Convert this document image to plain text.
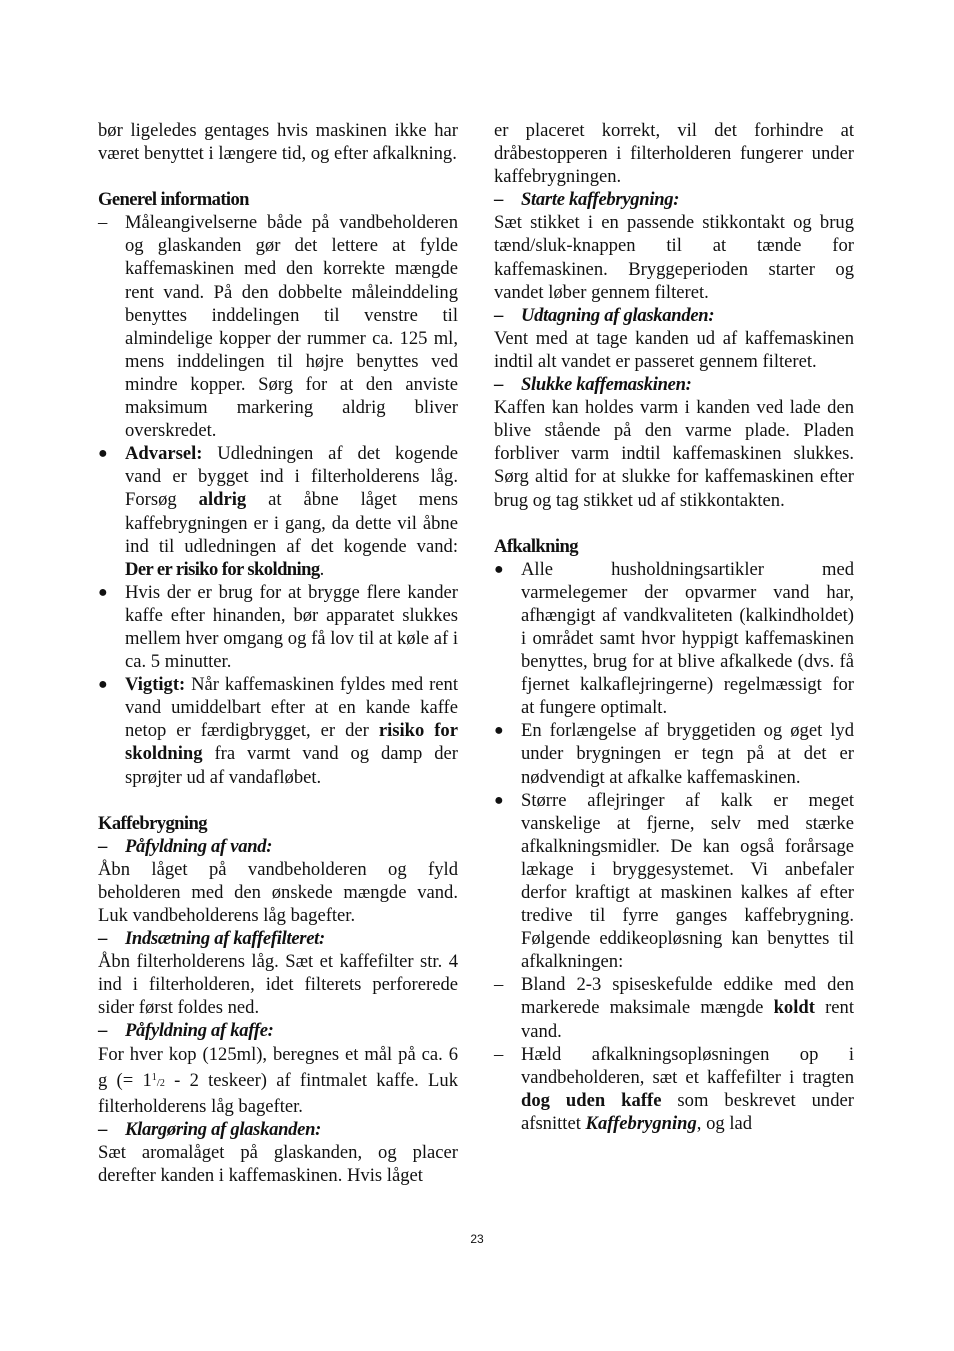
bør ligeledes gentages hvis maskinen ikke har været benyttet i længere tid, og efter afkalkning.

Generel information

– Måleangivelserne både på vandbeholderen og glaskanden gør det lettere at fylde kaffemaskinen med den korrekte mængde rent vand. På den dobbelte måleinddeling benyttes inddelingen til venstre til almindelige kopper der rummer ca. 125 ml, mens inddelingen til højre benyttes ved mindre kopper. Sørg for at den anviste maksimum markering aldrig bliver overskredet.
● Advarsel: Udledningen af det kogende vand er bygget ind i filterholderens låg. Forsøg aldrig at åbne låget mens kaffebrygningen er i gang, da dette vil åbne ind til udledningen af det kogende vand: Der er risiko for skoldning.
● Hvis der er brug for at brygge flere kander kaffe efter hinanden, bør apparatet slukkes mellem hver omgang og få lov til at køle af i ca. 5 minutter.
● Vigtigt: Når kaffemaskinen fyldes med rent vand umiddelbart efter at en kande kaffe netop er færdigbrygget, er der risiko for skoldning fra varmt vand og damp der sprøjter ud af vandafløbet.

Kaffebrygning

– Påfyldning af vand:

Åbn låget på vandbeholderen og fyld beholderen med den ønskede mængde vand. Luk vandbeholderens låg bagefter.

– Indsætning af kaffefilteret:

Åbn filterholderens låg. Sæt et kaffefilter str. 4 ind i filterholderen, idet filterets perforerede sider først foldes ned.

– Påfyldning af kaffe:

For hver kop (125ml), beregnes et mål på ca. 6 g (= $1^1/2 - 2$ teskeer) af fintmalet kaffe. Luk filterholderens låg bagefter.

– Klargøring af glaskanden:

Sæt aromalåget på glaskanden, og placer derefter kanden i kaffemaskinen. Hvis låget

er placeret korrekt, vil det forhindre at dråbestopperen i filterholderen fungerer under kaffebrygningen.

– Starte kaffebrygning:

Sæt stikket i en passende stikkontakt og brug tænd/sluk-knappen til at tænde for kaffemaskinen. Bryggeperioden starter og vandet løber gennem filteret.

– Udtagning af glaskanden:

Vent med at tage kanden ud af kaffemaskinen indtil alt vandet er passeret gennem filteret.

– Slukke kaffemaskinen:

Kaffen kan holdes varm i kanden ved lade den blive stående på den varme plade. Pladen forbliver varm indtil kaffemaskinen slukkes. Sørg altid for at slukke for kaffemaskinen efter brug og tag stikket ud af stikkontakten.

Afkalkning

● Alle husholdningsartikler med varmelegemer der opvarmer vand har, afhængigt af vandkvaliteten (kalkindholdet) i området samt hvor hyppigt kaffemaskinen benyttes, brug for at blive afkalkede (dvs. få fjernet kalkaflejringerne) regelmæssigt for at fungere optimalt.
● En forlængelse af bryggetiden og øget lyd under brygningen er tegn på at det er nødvendigt at afkalke kaffemaskinen.
● Større aflejringer af kalk er meget vanskelige at fjerne, selv med stærke afkalkningsmidler. De kan også forårsage lækage i bryggesystemet. Vi anbefaler derfor kraftigt at maskinen kalkes af efter tredive til fyrre ganges kaffebrygning. Følgende eddikeopløsning kan benyttes til afkalkningen:
– Bland 2-3 spiseskefulde eddike med den markerede maksimale mængde koldt rent vand.
– Hæld afkalkningsopløsningen op i vandbeholderen, sæt et kaffefilter i tragten dog uden kaffe som beskrevet under afsnittet Kaffebrygning, og lad
23
